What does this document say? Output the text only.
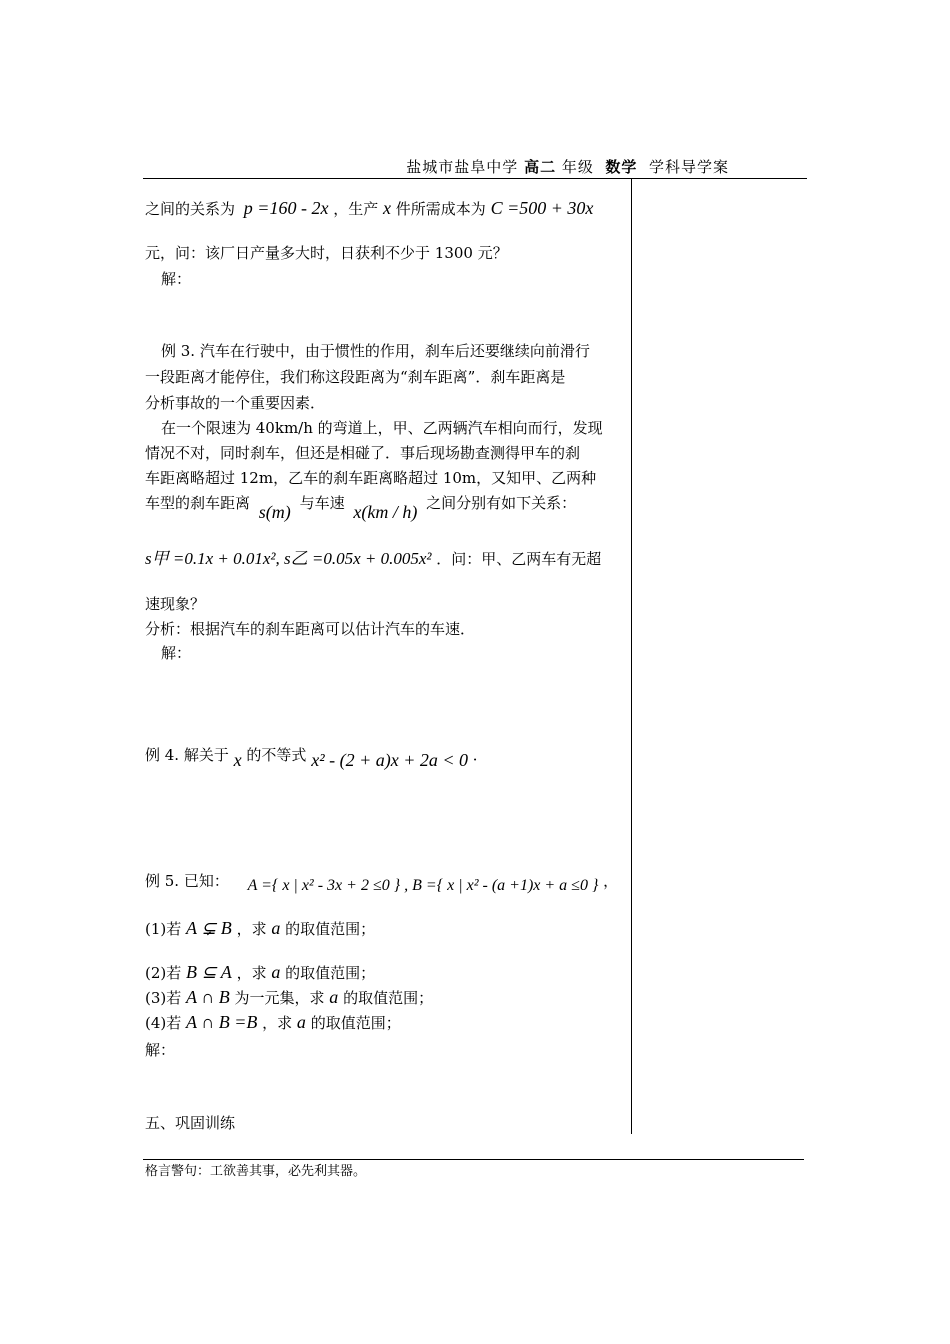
盐城市盐阜中学 高二 年级 数学 学科导学案
之间的关系为 p =160 - 2x ，生产 x 件所需成本为 C =500 + 30x
元，问：该厂日产量多大时，日获利不少于 1300 元？
解：
例 3. 汽车在行驶中，由于惯性的作用，刹车后还要继续向前滑行
一段距离才能停住，我们称这段距离为“刹车距离”．刹车距离是
分析事故的一个重要因素．
在一个限速为 40km/h 的弯道上，甲、乙两辆汽车相向而行，发现
情况不对，同时刹车，但还是相碰了．事后现场勘查测得甲车的刹
车距离略超过 12m，乙车的刹车距离略超过 10m，又知甲、乙两种
车型的刹车距离 s(m) 与车速 x(km / h) 之间分别有如下关系：
s甲 =0.1x + 0.01x², s乙 =0.05x + 0.005x² ．问：甲、乙两车有无超
速现象？
分析：根据汽车的刹车距离可以估计汽车的车速．
解：
例 4. 解关于 x 的不等式 x² - (2 + a)x + 2a < 0 ．
例 5. 已知： A ={ x | x² - 3x + 2 ≤0 } , B ={ x | x² - (a +1)x + a ≤0 } ，
(1)若 A ⊊ B ，求 a 的取值范围；
(2)若 B ⊆ A ，求 a 的取值范围；
(3)若 A ∩ B 为一元集，求 a 的取值范围；
(4)若 A ∩ B =B ，求 a 的取值范围；
解：
五、巩固训练
格言警句：工欲善其事，必先利其器。
